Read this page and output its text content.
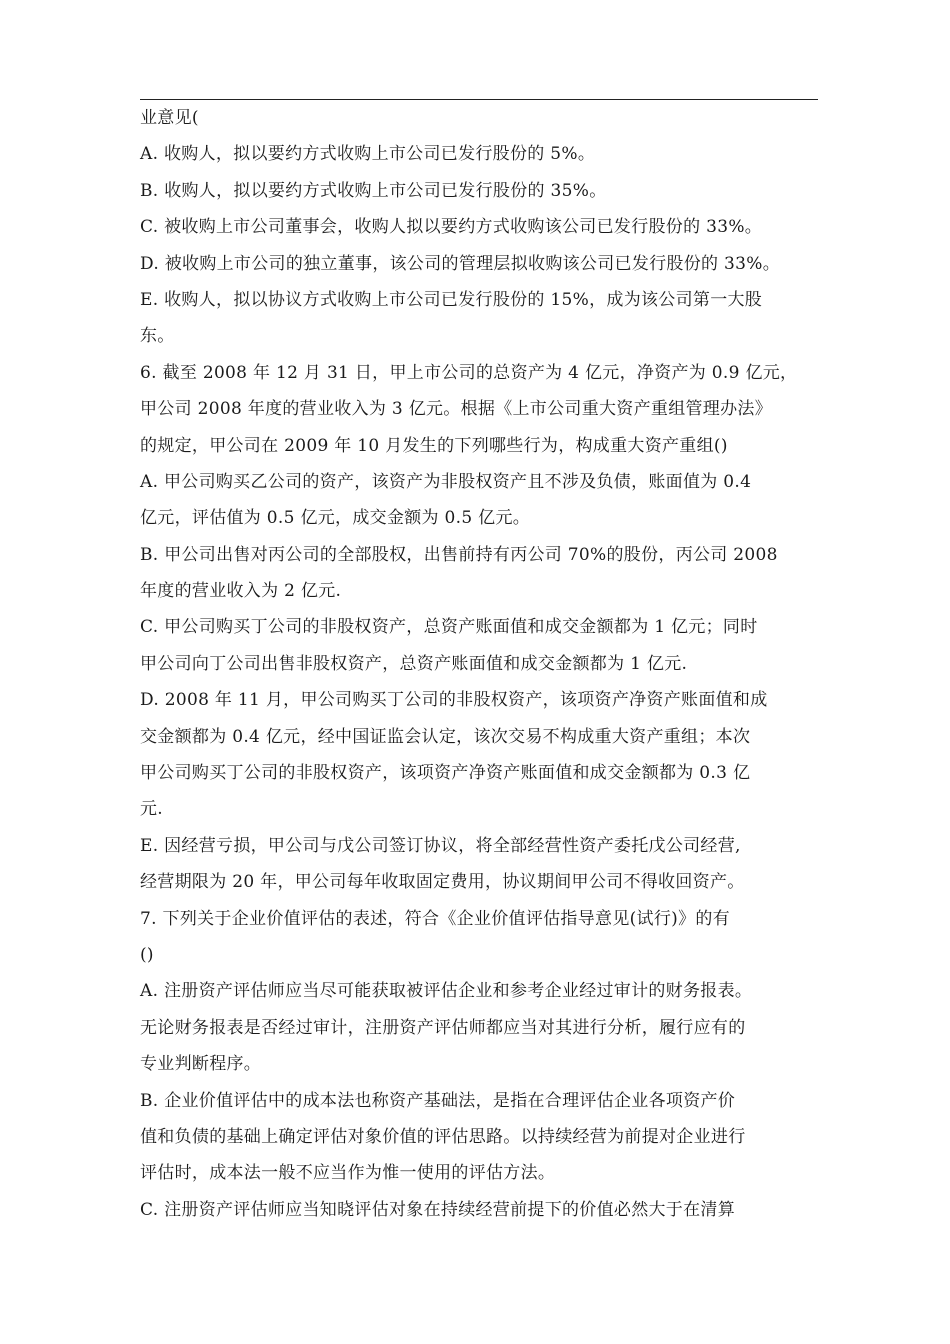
业意见(
A. 收购人，拟以要约方式收购上市公司已发行股份的 5%。
B. 收购人，拟以要约方式收购上市公司已发行股份的 35%。
C. 被收购上市公司董事会，收购人拟以要约方式收购该公司已发行股份的 33%。
D. 被收购上市公司的独立董事，该公司的管理层拟收购该公司已发行股份的 33%。
E. 收购人，拟以协议方式收购上市公司已发行股份的 15%，成为该公司第一大股
东。
6. 截至 2008 年 12 月 31 日，甲上市公司的总资产为 4 亿元，净资产为 0.9 亿元，
甲公司 2008 年度的营业收入为 3 亿元。根据《上市公司重大资产重组管理办法》
的规定，甲公司在 2009 年 10 月发生的下列哪些行为，构成重大资产重组()
A. 甲公司购买乙公司的资产，该资产为非股权资产且不涉及负债，账面值为 0.4
亿元，评估值为 0.5 亿元，成交金额为 0.5 亿元。
B. 甲公司出售对丙公司的全部股权，出售前持有丙公司 70%的股份，丙公司 2008
年度的营业收入为 2 亿元.
C. 甲公司购买丁公司的非股权资产，总资产账面值和成交金额都为 1 亿元；同时
甲公司向丁公司出售非股权资产，总资产账面值和成交金额都为 1 亿元.
D. 2008 年 11 月，甲公司购买丁公司的非股权资产，该项资产净资产账面值和成
交金额都为 0.4 亿元，经中国证监会认定，该次交易不构成重大资产重组；本次
甲公司购买丁公司的非股权资产，该项资产净资产账面值和成交金额都为 0.3 亿
元.
E. 因经营亏损，甲公司与戊公司签订协议，将全部经营性资产委托戊公司经营,
经营期限为 20 年，甲公司每年收取固定费用，协议期间甲公司不得收回资产。
7. 下列关于企业价值评估的表述，符合《企业价值评估指导意见(试行)》的有
()
A. 注册资产评估师应当尽可能获取被评估企业和参考企业经过审计的财务报表。
无论财务报表是否经过审计，注册资产评估师都应当对其进行分析，履行应有的
专业判断程序。
B. 企业价值评估中的成本法也称资产基础法，是指在合理评估企业各项资产价
值和负债的基础上确定评估对象价值的评估思路。以持续经营为前提对企业进行
评估时，成本法一般不应当作为惟一使用的评估方法。
C. 注册资产评估师应当知晓评估对象在持续经营前提下的价值必然大于在清算
